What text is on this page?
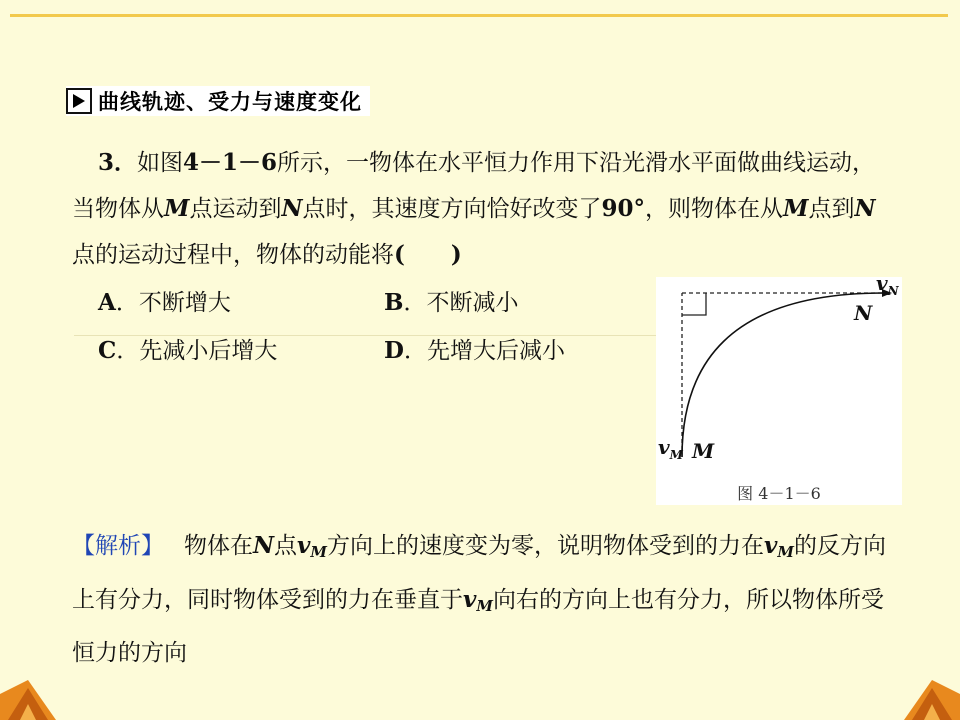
曲线轨迹、受力与速度变化
3．如图4－1－6所示，一物体在水平恒力作用下沿光滑水平面做曲线运动，当物体从M点运动到N点时，其速度方向恰好改变了90°，则物体在从M点到N点的运动过程中，物体的动能将(　　)
A．不断增大	B．不断减小
C．先减小后增大	D．先增大后减小
$v_N$
N
$v_M$ M
图 4－1－6
【解析】 物体在N点$v_M$方向上的速度变为零，说明物体受到的力在$v_M$的反方向上有分力，同时物体受到的力在垂直于$v_M$向右的方向上也有分力，所以物体所受恒力的方向
